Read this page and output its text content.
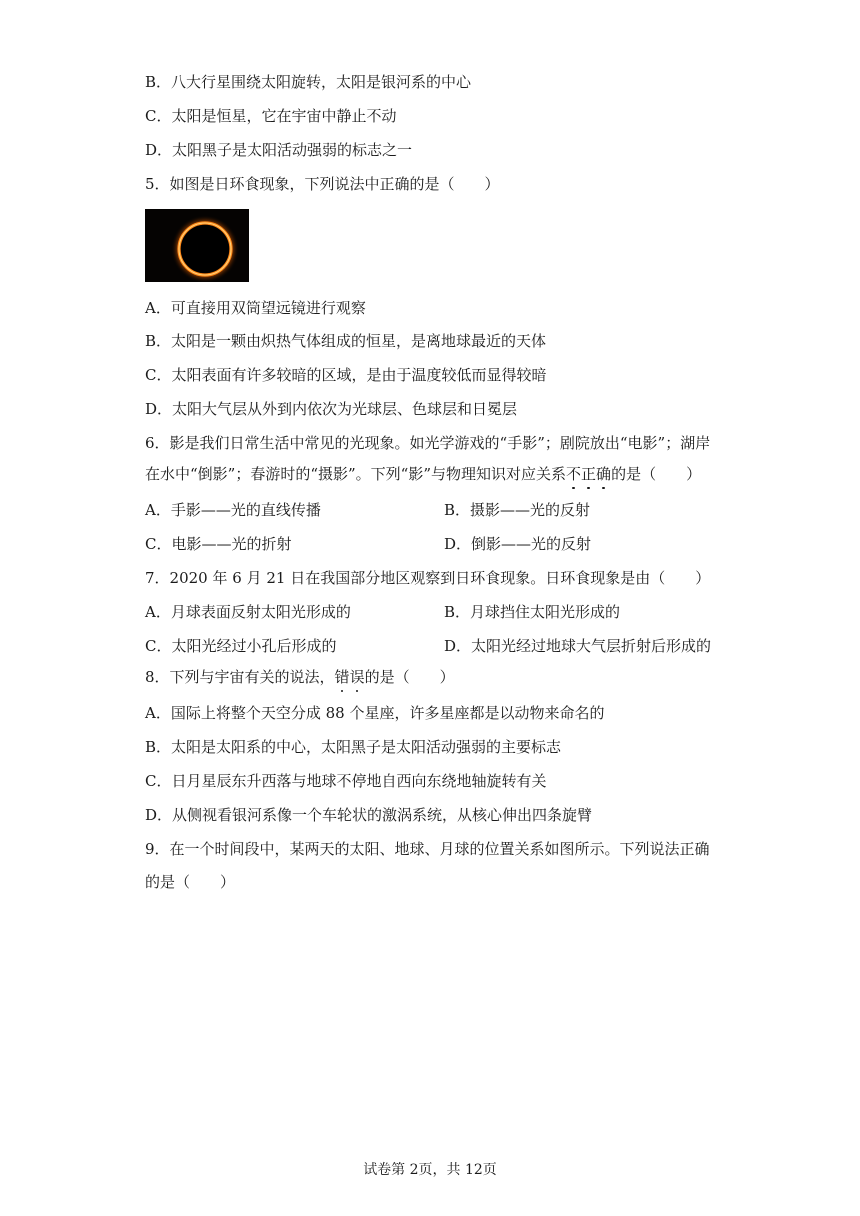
B．八大行星围绕太阳旋转，太阳是银河系的中心
C．太阳是恒星，它在宇宙中静止不动
D．太阳黑子是太阳活动强弱的标志之一
5．如图是日环食现象，下列说法中正确的是（　　）
A．可直接用双筒望远镜进行观察
B．太阳是一颗由炽热气体组成的恒星，是离地球最近的天体
C．太阳表面有许多较暗的区域，是由于温度较低而显得较暗
D．太阳大气层从外到内依次为光球层、色球层和日冕层
6．影是我们日常生活中常见的光现象。如光学游戏的“手影”；剧院放出“电影”；湖岸
在水中“倒影”；春游时的“摄影”。下列“影”与物理知识对应关系不正确的是（　　）
A．手影——光的直线传播	B．摄影——光的反射
C．电影——光的折射	D．倒影——光的反射
7．2020 年 6 月 21 日在我国部分地区观察到日环食现象。日环食现象是由（　　）
A．月球表面反射太阳光形成的	B．月球挡住太阳光形成的
C．太阳光经过小孔后形成的	D．太阳光经过地球大气层折射后形成的
8．下列与宇宙有关的说法，错误的是（　　）
A．国际上将整个天空分成 88 个星座，许多星座都是以动物来命名的
B．太阳是太阳系的中心，太阳黑子是太阳活动强弱的主要标志
C．日月星辰东升西落与地球不停地自西向东绕地轴旋转有关
D．从侧视看银河系像一个车轮状的激涡系统，从核心伸出四条旋臂
9．在一个时间段中，某两天的太阳、地球、月球的位置关系如图所示。下列说法正确
的是（　　）
试卷第 2页，共 12页
